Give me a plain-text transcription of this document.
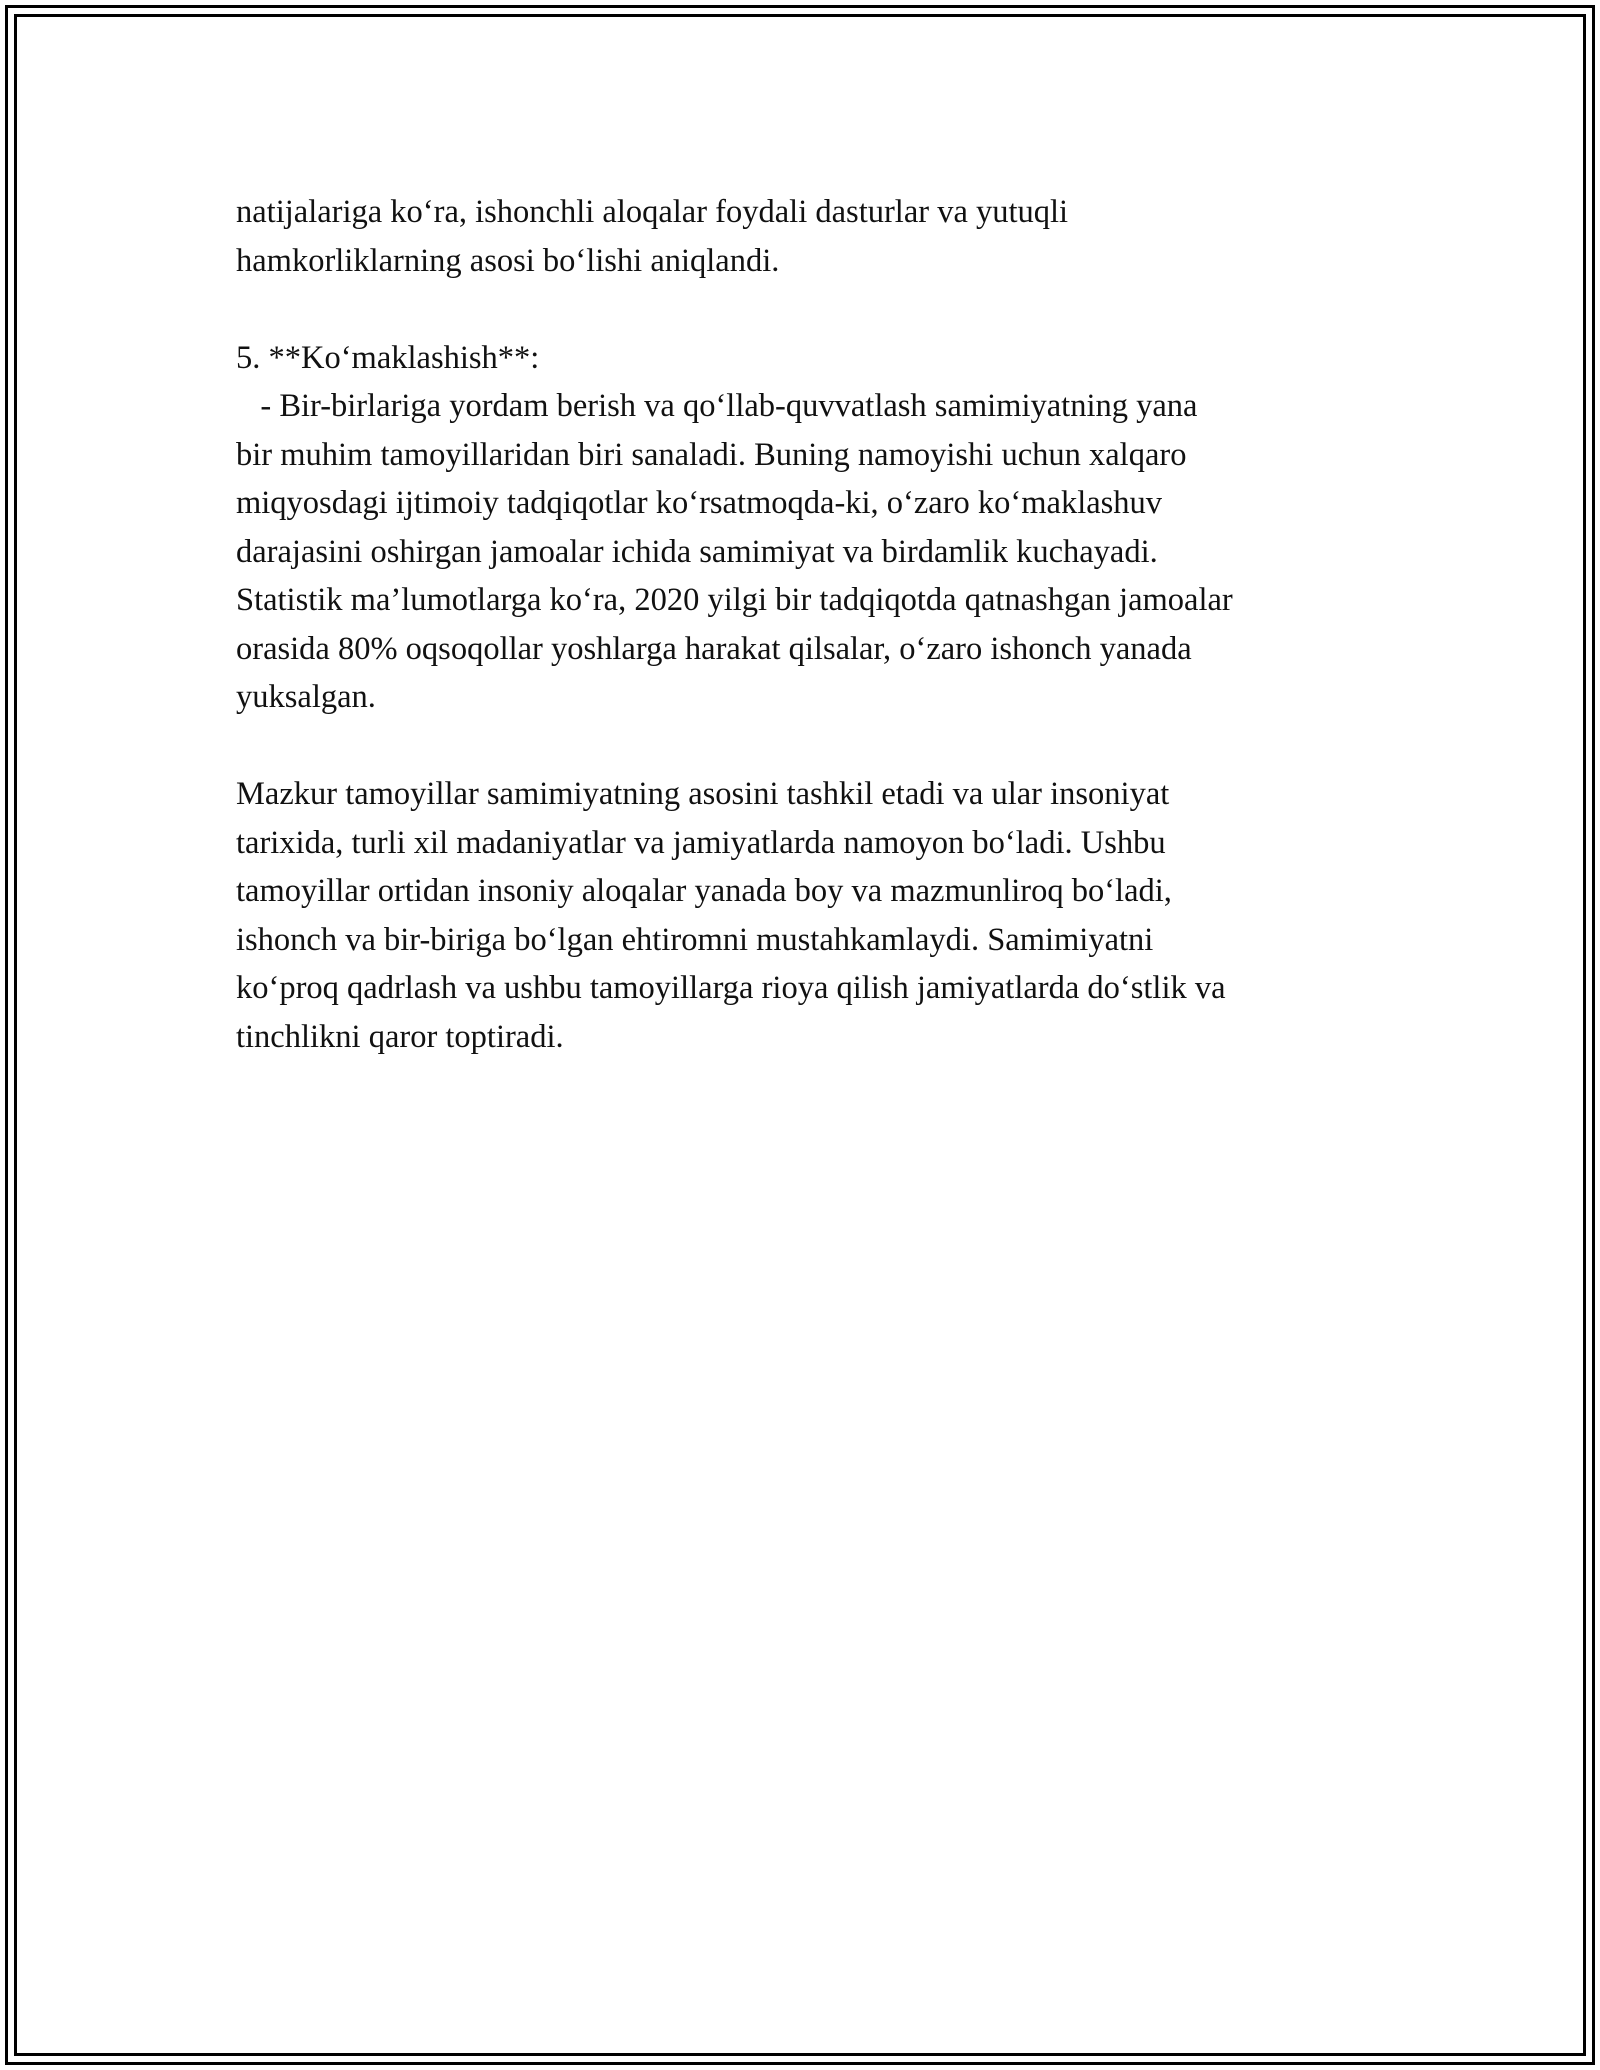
natijalariga ko‘ra, ishonchli aloqalar foydali dasturlar va yutuqli
hamkorliklarning asosi bo‘lishi aniqlandi.
5. **Ko‘maklashish**:
- Bir-birlariga yordam berish va qo‘llab-quvvatlash samimiyatning yana
bir muhim tamoyillaridan biri sanaladi. Buning namoyishi uchun xalqaro
miqyosdagi ijtimoiy tadqiqotlar ko‘rsatmoqda-ki, o‘zaro ko‘maklashuv
darajasini oshirgan jamoalar ichida samimiyat va birdamlik kuchayadi.
Statistik ma’lumotlarga ko‘ra, 2020 yilgi bir tadqiqotda qatnashgan jamoalar
orasida 80% oqsoqollar yoshlarga harakat qilsalar, o‘zaro ishonch yanada
yuksalgan.
Mazkur tamoyillar samimiyatning asosini tashkil etadi va ular insoniyat
tarixida, turli xil madaniyatlar va jamiyatlarda namoyon bo‘ladi. Ushbu
tamoyillar ortidan insoniy aloqalar yanada boy va mazmunliroq bo‘ladi,
ishonch va bir-biriga bo‘lgan ehtiromni mustahkamlaydi. Samimiyatni
ko‘proq qadrlash va ushbu tamoyillarga rioya qilish jamiyatlarda do‘stlik va
tinchlikni qaror toptiradi.
